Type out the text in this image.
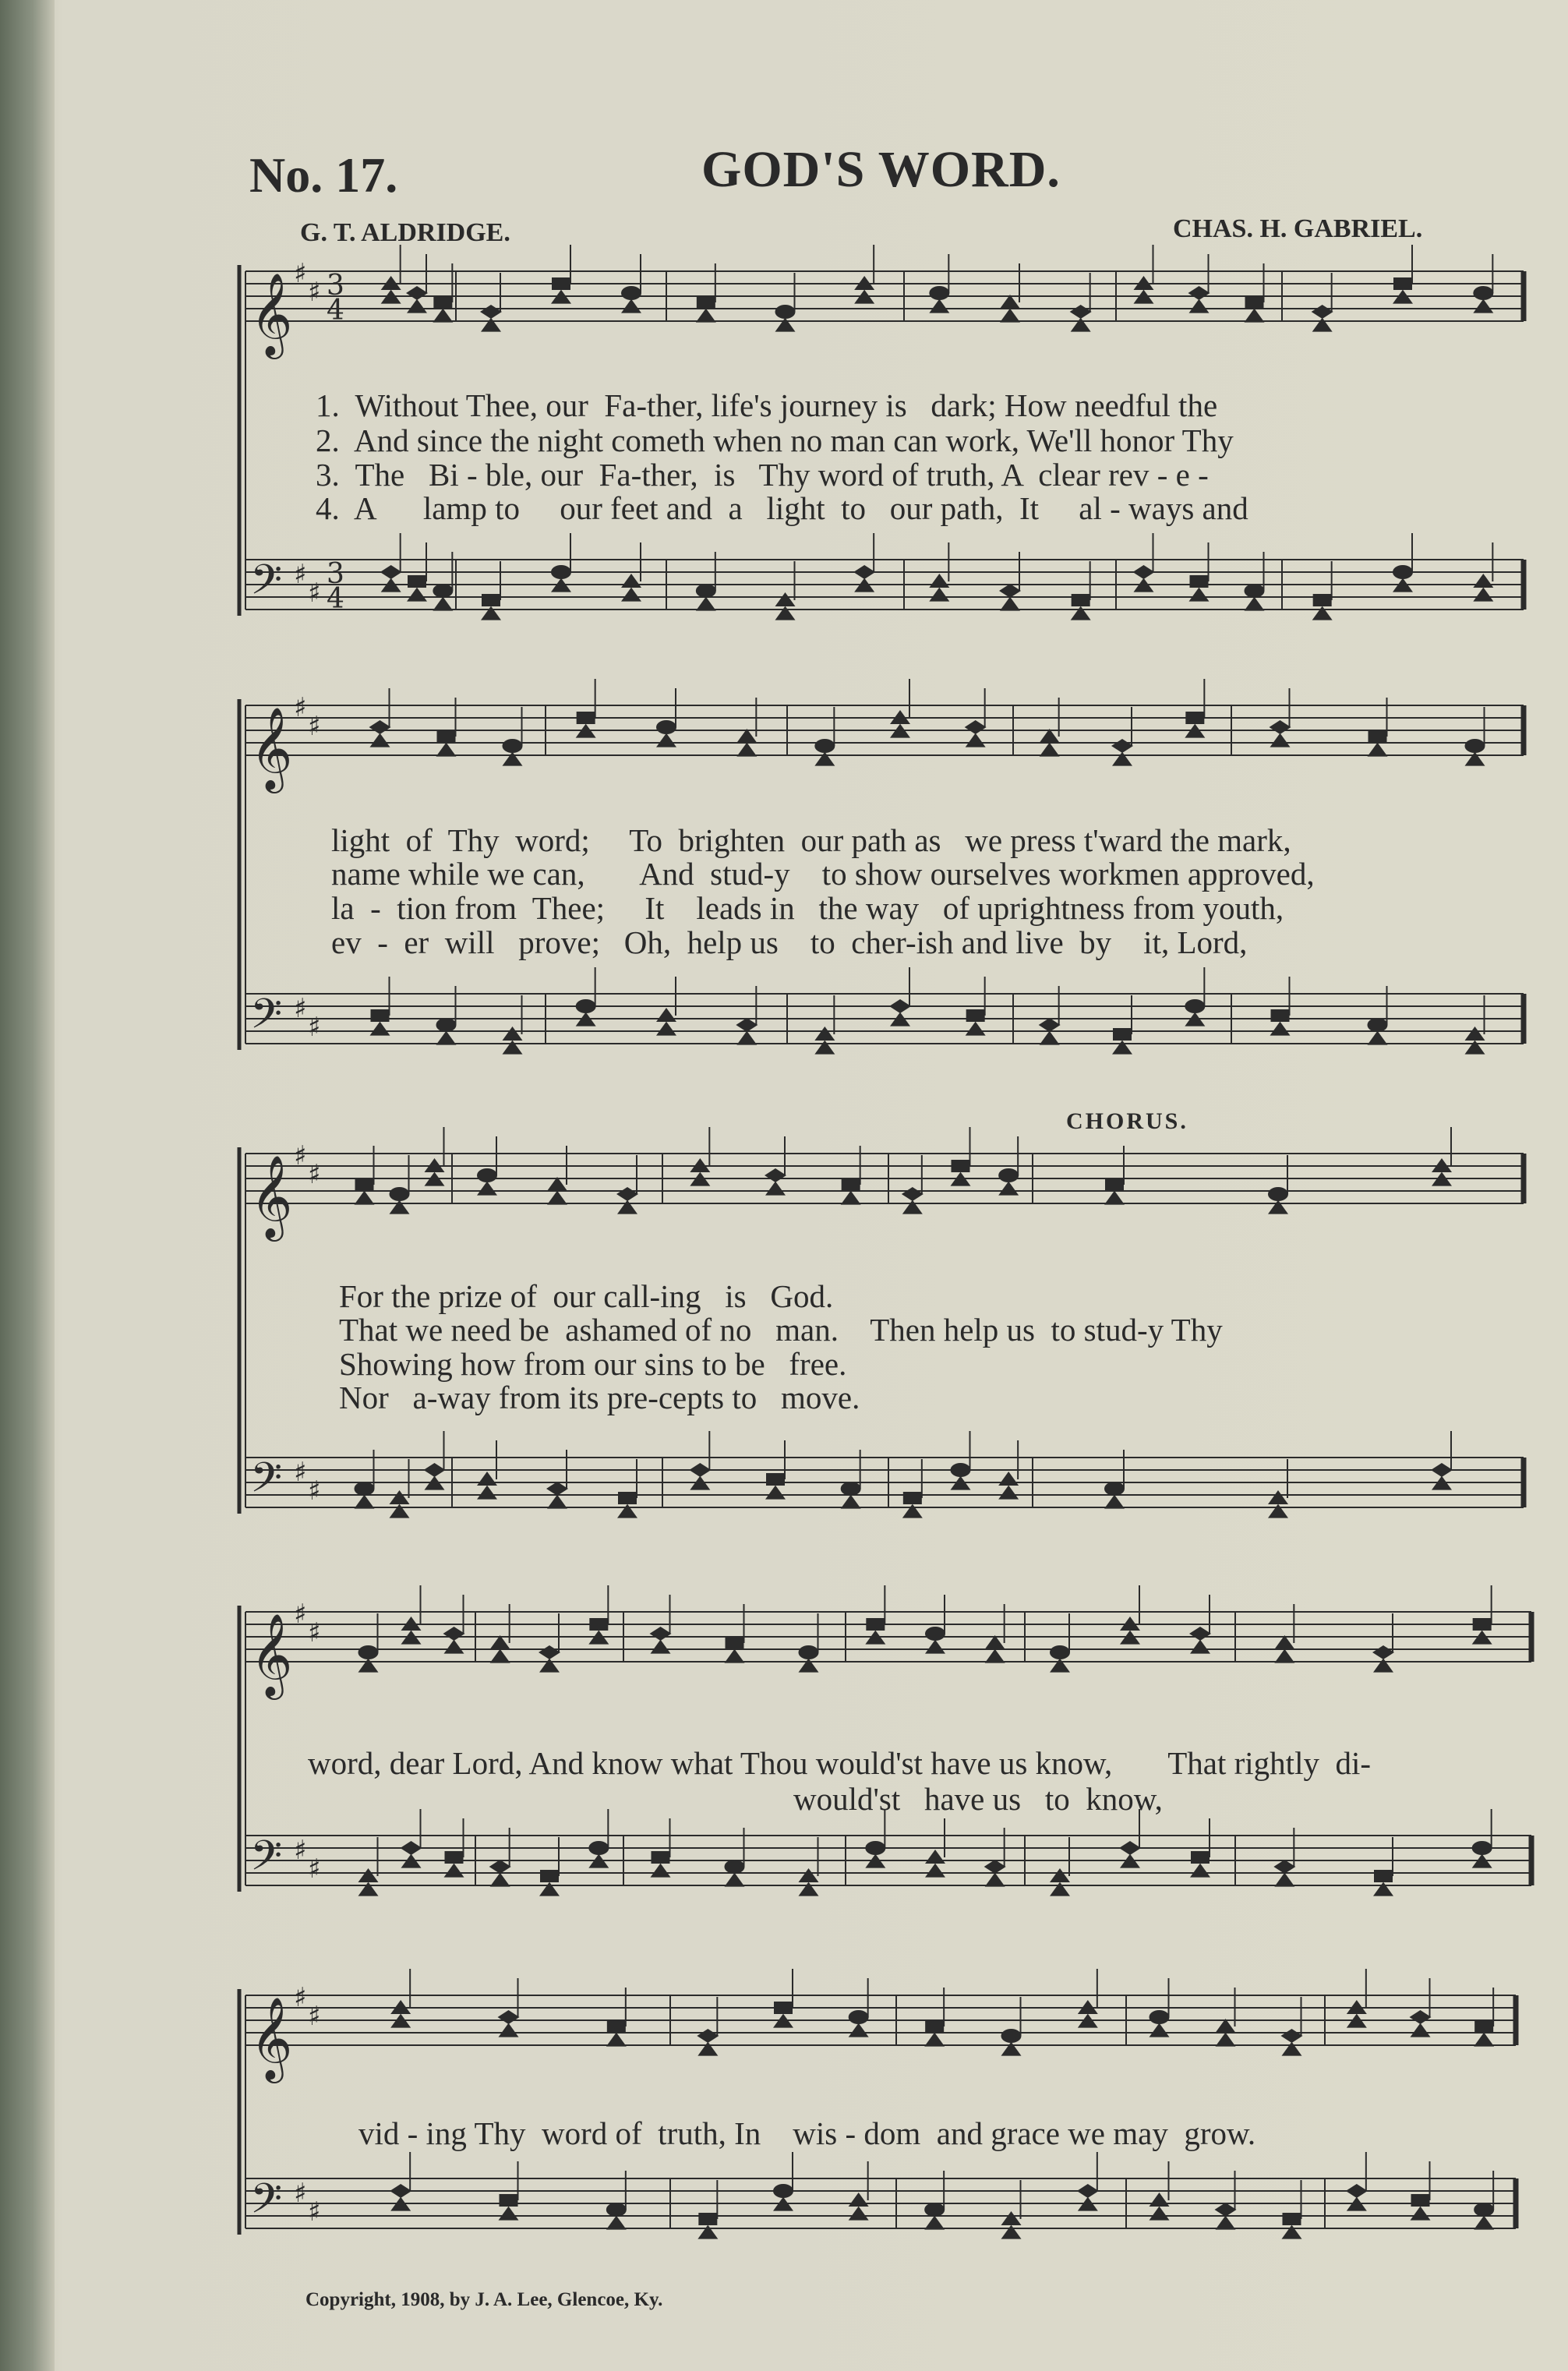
No. 17.	GOD'S WORD.
G. T. ALDRIDGE.	CHAS. H. GABRIEL.
𝄞 ♯
♯ 3
4
𝄢 ♯
♯
3
4
𝄞 ♯
♯
𝄢 ♯
♯
𝄞 ♯
♯
𝄢 ♯
♯
𝄞 ♯
♯
𝄢 ♯
♯
𝄞 ♯
♯
𝄢 ♯
♯
1.  Without Thee, our  Fa-ther, life's journey is   dark; How needful the
2.  And since the night cometh when no man can work, We'll honor Thy
3.  The   Bi - ble, our  Fa-ther,  is   Thy word of truth, A  clear rev - e -
4.  A      lamp to     our feet and  a   light  to   our path,  It     al - ways and
light  of  Thy  word;     To  brighten  our path as   we press t'ward the mark,
name while we can,       And  stud-y    to show ourselves workmen approved,
la  -  tion from  Thee;     It    leads in   the way   of uprightness from youth,
ev  -  er  will   prove;   Oh,  help us    to  cher-ish and live  by    it, Lord,
CHORUS.
For the prize of  our call-ing   is   God.
That we need be  ashamed of no   man.    Then help us  to stud-y Thy
Showing how from our sins to be   free.
Nor   a-way from its pre-cepts to   move.
word, dear Lord, And know what Thou would'st have us know,       That rightly  di-
would'st   have us   to  know,
vid - ing Thy  word of  truth, In    wis - dom  and grace we may  grow.
Copyright, 1908, by J. A. Lee, Glencoe, Ky.
